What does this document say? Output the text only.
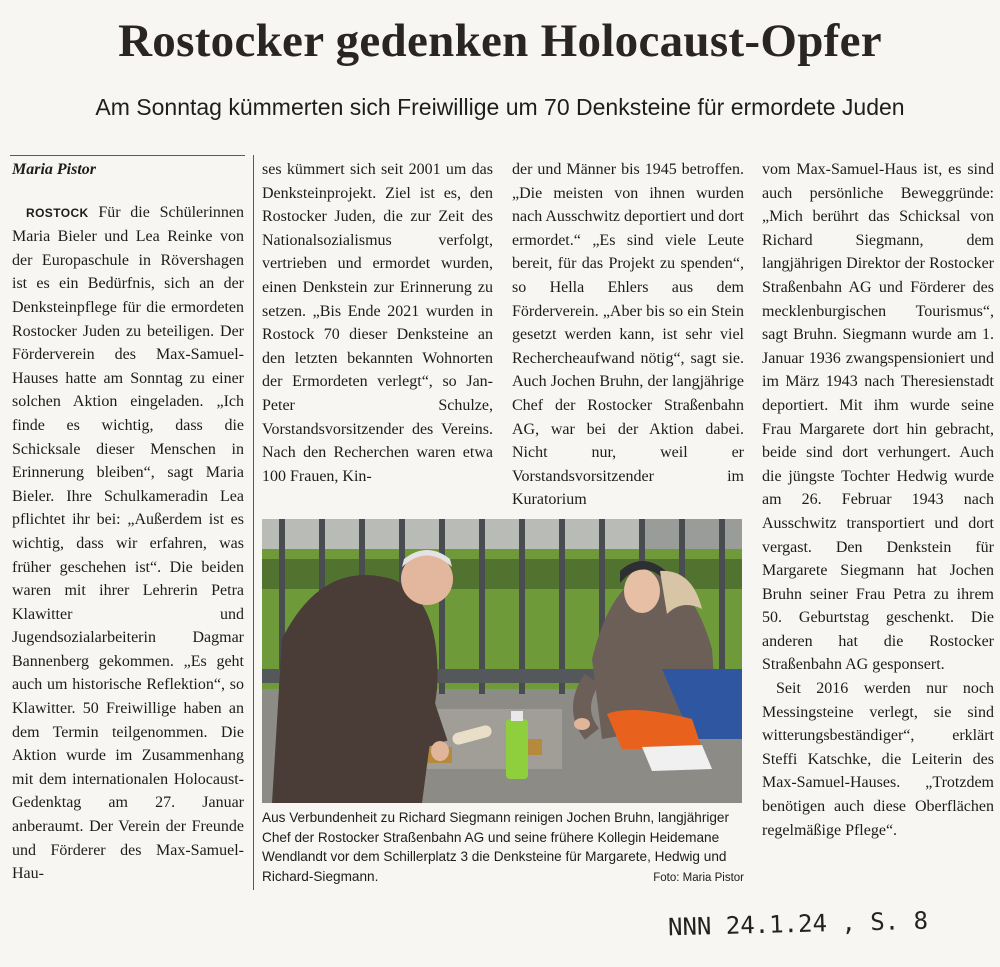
Rostocker gedenken Holocaust-Opfer
Am Sonntag kümmerten sich Freiwillige um 70 Denksteine für ermordete Juden

Maria Pistor

ROSTOCK Für die Schülerinnen Maria Bieler und Lea Reinke von der Europaschule in Rövershagen ist es ein Bedürfnis, sich an der Denksteinpflege für die ermordeten Rostocker Juden zu beteiligen. Der Förderverein des Max-Samuel-Hauses hatte am Sonntag zu einer solchen Aktion eingeladen. „Ich finde es wichtig, dass die Schicksale dieser Menschen in Erinnerung bleiben“, sagt Maria Bieler. Ihre Schulkameradin Lea pflichtet ihr bei: „Außerdem ist es wichtig, dass wir erfahren, was früher geschehen ist“. Die beiden waren mit ihrer Lehrerin Petra Klawitter und Jugendsozialarbeiterin Dagmar Bannenberg gekommen. „Es geht auch um historische Reflektion“, so Klawitter. 50 Freiwillige haben an dem Termin teilgenommen. Die Aktion wurde im Zusammenhang mit dem internationalen Holocaust-Gedenktag am 27. Januar anberaumt. Der Verein der Freunde und Förderer des Max-Samuel-Hau-

ses kümmert sich seit 2001 um das Denksteinprojekt. Ziel ist es, den Rostocker Juden, die zur Zeit des Nationalsozialismus verfolgt, vertrieben und ermordet wurden, einen Denkstein zur Erinnerung zu setzen. „Bis Ende 2021 wurden in Rostock 70 dieser Denksteine an den letzten bekannten Wohnorten der Ermordeten verlegt“, so Jan-Peter Schulze, Vorstandsvorsitzender des Vereins. Nach den Recherchen waren etwa 100 Frauen, Kin-

der und Männer bis 1945 betroffen. „Die meisten von ihnen wurden nach Ausschwitz deportiert und dort ermordet.“ „Es sind viele Leute bereit, für das Projekt zu spenden“, so Hella Ehlers aus dem Förderverein. „Aber bis so ein Stein gesetzt werden kann, ist sehr viel Rechercheaufwand nötig“, sagt sie. Auch Jochen Bruhn, der langjährige Chef der Rostocker Straßenbahn AG, war bei der Aktion dabei. Nicht nur, weil er Vorstandsvorsitzender im Kuratorium

vom Max-Samuel-Haus ist, es sind auch persönliche Beweggründe: „Mich berührt das Schicksal von Richard Siegmann, dem langjährigen Direktor der Rostocker Straßenbahn AG und Förderer des mecklenburgischen Tourismus“, sagt Bruhn. Siegmann wurde am 1. Januar 1936 zwangspensioniert und im März 1943 nach Theresienstadt deportiert. Mit ihm wurde seine Frau Margarete dort hin gebracht, beide sind dort verhungert. Auch die jüngste Tochter Hedwig wurde am 26. Februar 1943 nach Ausschwitz transportiert und dort vergast. Den Denkstein für Margarete Siegmann hat Jochen Bruhn seiner Frau Petra zu ihrem 50. Geburtstag geschenkt. Die anderen hat die Rostocker Straßenbahn AG gesponsert.

Seit 2016 werden nur noch Messingsteine verlegt, sie sind witterungsbeständiger“, erklärt Steffi Katschke, die Leiterin des Max-Samuel-Hauses. „Trotzdem benötigen auch diese Oberflächen regelmäßige Pflege“.

Aus Verbundenheit zu Richard Siegmann reinigen Jochen Bruhn, langjähriger Chef der Rostocker Straßenbahn AG und seine frühere Kollegin Heidemane Wendlandt vor dem Schillerplatz 3 die Denksteine für Margarete, Hedwig und Richard-Siegmann.	Foto: Maria Pistor
NNN 24.1.24 , S. 8
